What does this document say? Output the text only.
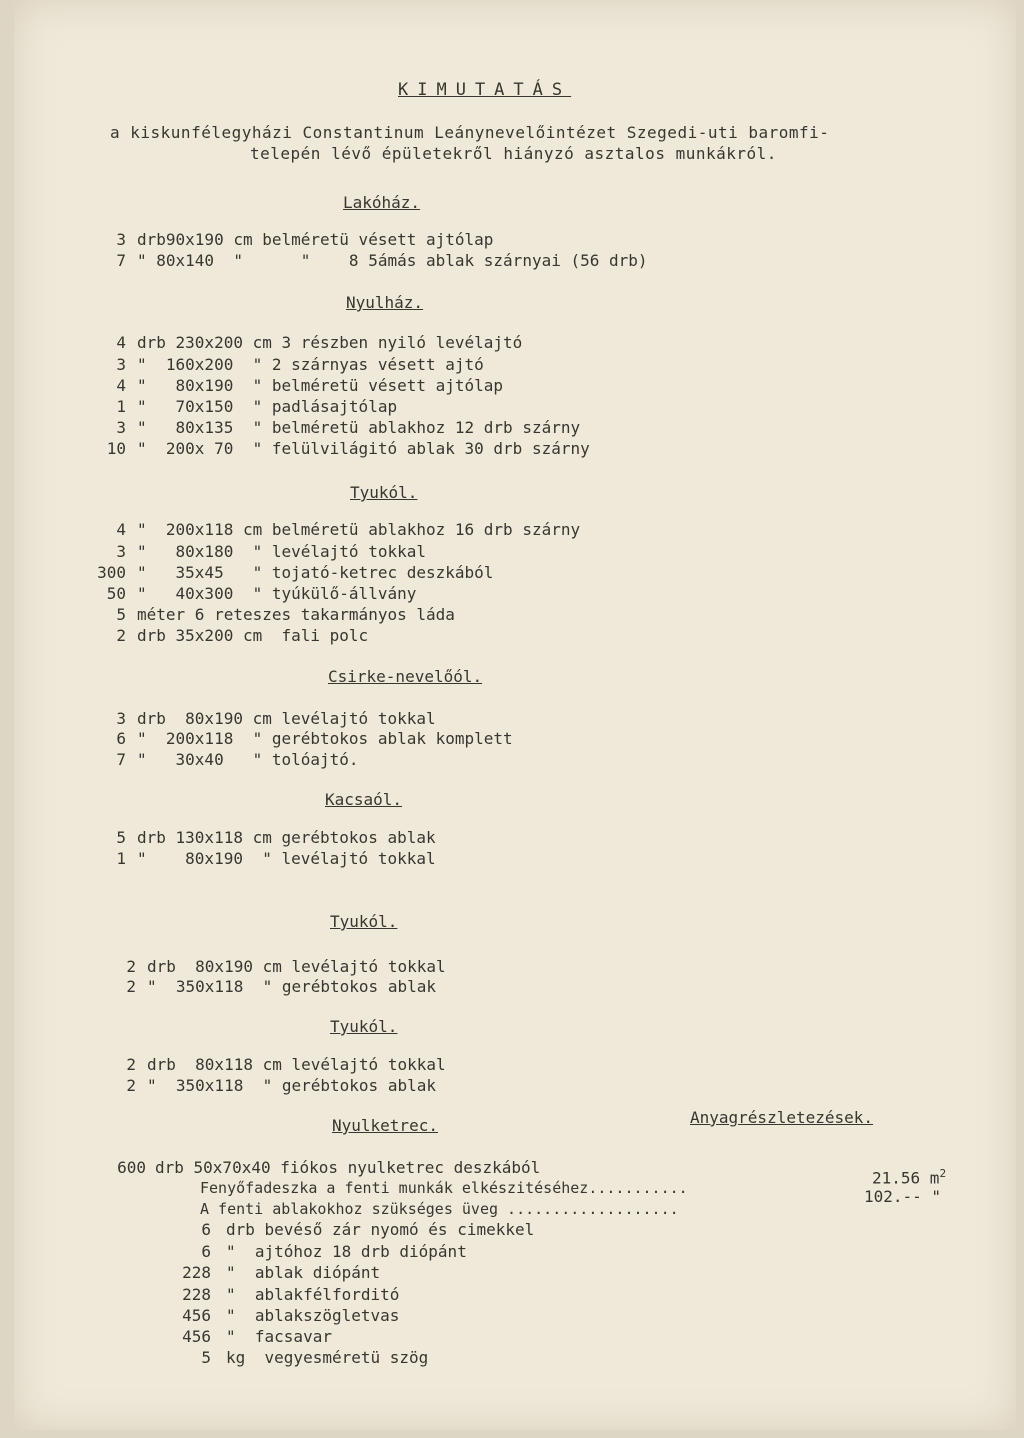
KIMUTATÁS
a kiskunfélegyházi Constantinum Leánynevelőintézet Szegedi-uti baromfi-
telepén lévő épületekről hiányzó asztalos munkákról.
Lakóház.
3 drb90x190 cm belméretü vésett ajtólap
7 " 80x140  "      "    8 5ámás ablak szárnyai (56 drb)
Nyulház.
4 drb 230x200 cm 3 részben nyiló levélajtó
3 "  160x200  " 2 szárnyas vésett ajtó
4 "   80x190  " belméretü vésett ajtólap
1 "   70x150  " padlásajtólap
3 "   80x135  " belméretü ablakhoz 12 drb szárny
10 "  200x 70  " felülvilágitó ablak 30 drb szárny
Tyukól.
4 "  200x118 cm belméretü ablakhoz 16 drb szárny
3 "   80x180  " levélajtó tokkal
300 "   35x45   " tojató-ketrec deszkából
50 "   40x300  " tyúkülő-állvány
5 méter 6 reteszes takarmányos láda
2 drb 35x200 cm  fali polc
Csirke-nevelőól.
3 drb  80x190 cm levélajtó tokkal
6 "  200x118  " gerébtokos ablak komplett
7 "   30x40   " tolóajtó.
Kacsaól.
5 drb 130x118 cm gerébtokos ablak
1 "    80x190  " levélajtó tokkal
Tyukól.
2 drb  80x190 cm levélajtó tokkal
2 "  350x118  " gerébtokos ablak
Tyukól.
2 drb  80x118 cm levélajtó tokkal
2 "  350x118  " gerébtokos ablak
Nyulketrec.	Anyagrészletezések.
600 drb 50x70x40 fiókos nyulketrec deszkából
Fenyőfadeszka a fenti munkák elkészitéséhez...........
21.56 $m^2$
A fenti ablakokhoz szükséges üveg ...................
102.-- "
6 drb bevéső zár nyomó és cimekkel
6 "  ajtóhoz 18 drb diópánt
228 "  ablak diópánt
228 "  ablakfélforditó
456 "  ablakszögletvas
456 "  facsavar
5 kg  vegyesméretü szög
